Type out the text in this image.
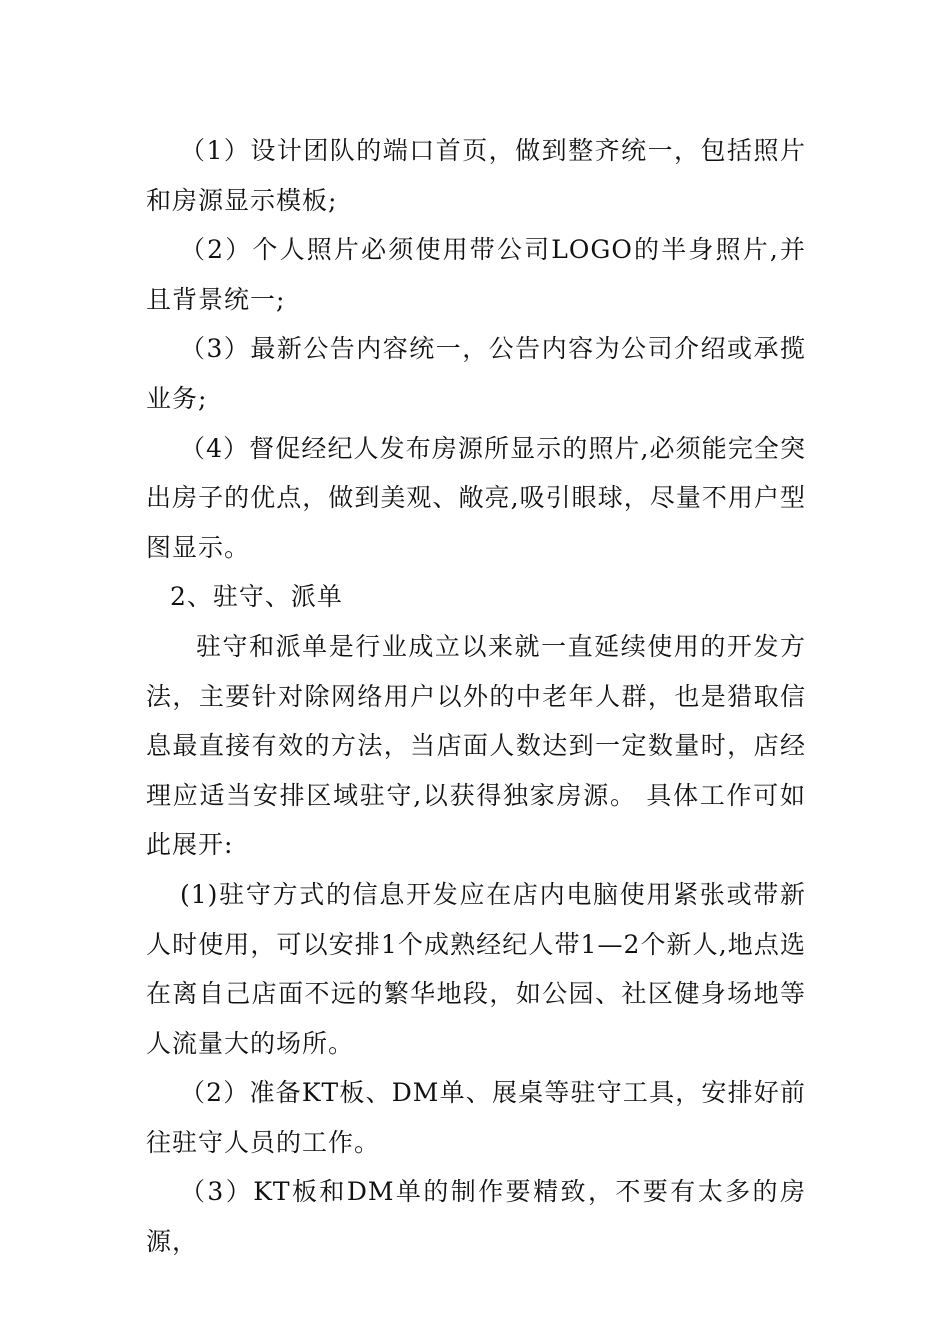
（1）设计团队的端口首页，做到整齐统一，包括照片和房源显示模板;

（2）个人照片必须使用带公司LOGO的半身照片,并且背景统一;

（3）最新公告内容统一，公告内容为公司介绍或承揽业务;

（4）督促经纪人发布房源所显示的照片,必须能完全突出房子的优点，做到美观、敞亮,吸引眼球，尽量不用户型图显示。

2、驻守、派单

驻守和派单是行业成立以来就一直延续使用的开发方法，主要针对除网络用户以外的中老年人群，也是猎取信息最直接有效的方法，当店面人数达到一定数量时，店经理应适当安排区域驻守,以获得独家房源。 具体工作可如此展开:

(1)驻守方式的信息开发应在店内电脑使用紧张或带新人时使用，可以安排1个成熟经纪人带1—2个新人,地点选在离自己店面不远的繁华地段，如公园、社区健身场地等人流量大的场所。

（2）准备KT板、DM单、展桌等驻守工具，安排好前往驻守人员的工作。

（3）KT板和DM单的制作要精致，不要有太多的房源，
